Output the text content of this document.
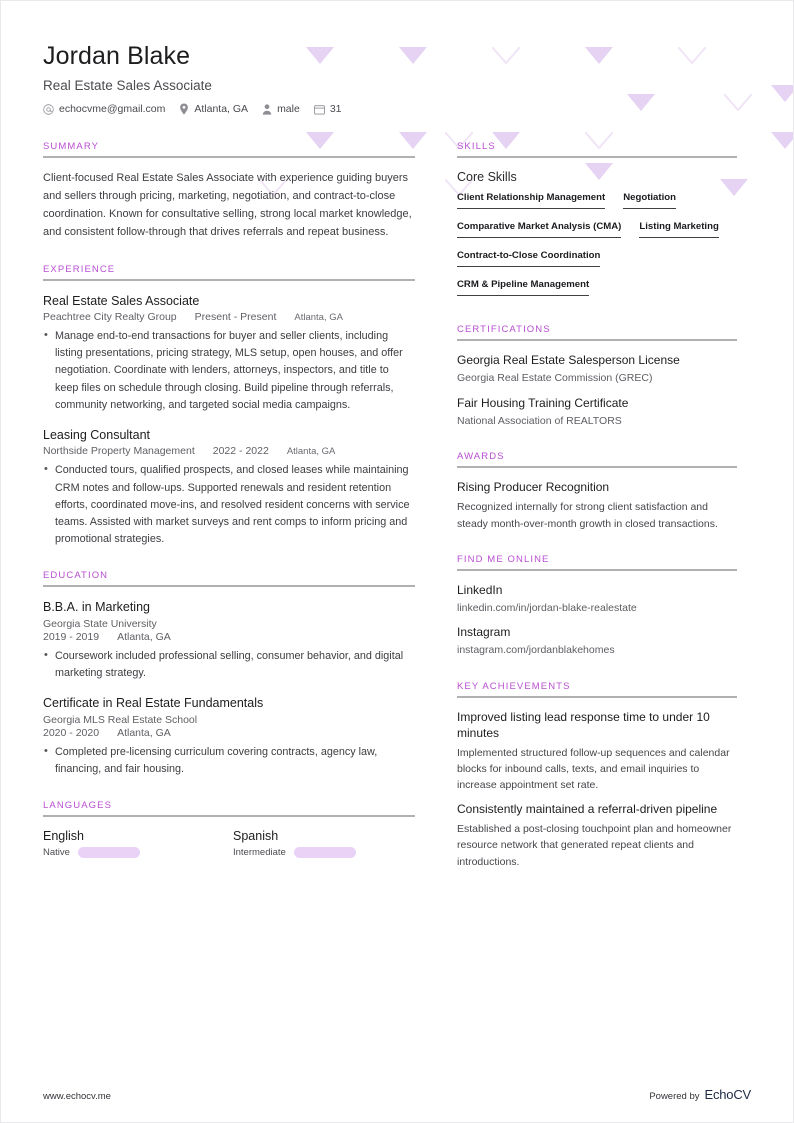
Jordan Blake
Real Estate Sales Associate
echocvme@gmail.com	Atlanta, GA	male	31
SUMMARY
Client-focused Real Estate Sales Associate with experience guiding buyers and sellers through pricing, marketing, negotiation, and contract-to-close coordination. Known for consultative selling, strong local market knowledge, and consistent follow-through that drives referrals and repeat business.
EXPERIENCE
Real Estate Sales Associate
Peachtree City Realty Group Present - Present Atlanta, GA
• Manage end-to-end transactions for buyer and seller clients, including listing presentations, pricing strategy, MLS setup, open houses, and offer negotiation. Coordinate with lenders, attorneys, inspectors, and title to keep files on schedule through closing. Build pipeline through referrals, community networking, and targeted social media campaigns.
Leasing Consultant
Northside Property Management 2022 - 2022 Atlanta, GA
• Conducted tours, qualified prospects, and closed leases while maintaining CRM notes and follow-ups. Supported renewals and resident retention efforts, coordinated move-ins, and resolved resident concerns with service teams. Assisted with market surveys and rent comps to inform pricing and promotional strategies.
EDUCATION
B.B.A. in Marketing
Georgia State University
2019 - 2019 Atlanta, GA
• Coursework included professional selling, consumer behavior, and digital marketing strategy.
Certificate in Real Estate Fundamentals
Georgia MLS Real Estate School
2020 - 2020 Atlanta, GA
• Completed pre-licensing curriculum covering contracts, agency law, financing, and fair housing.
LANGUAGES
English
Native
Spanish
Intermediate
SKILLS
Core Skills
Client Relationship Management Negotiation
Comparative Market Analysis (CMA) Listing Marketing
Contract-to-Close Coordination
CRM & Pipeline Management
CERTIFICATIONS
Georgia Real Estate Salesperson License
Georgia Real Estate Commission (GREC)
Fair Housing Training Certificate
National Association of REALTORS
AWARDS
Rising Producer Recognition
Recognized internally for strong client satisfaction and steady month-over-month growth in closed transactions.
FIND ME ONLINE
LinkedIn
linkedin.com/in/jordan-blake-realestate
Instagram
instagram.com/jordanblakehomes
KEY ACHIEVEMENTS
Improved listing lead response time to under 10 minutes
Implemented structured follow-up sequences and calendar blocks for inbound calls, texts, and email inquiries to increase appointment set rate.
Consistently maintained a referral-driven pipeline
Established a post-closing touchpoint plan and homeowner resource network that generated repeat clients and introductions.
www.echocv.me	Powered by EchoCV
